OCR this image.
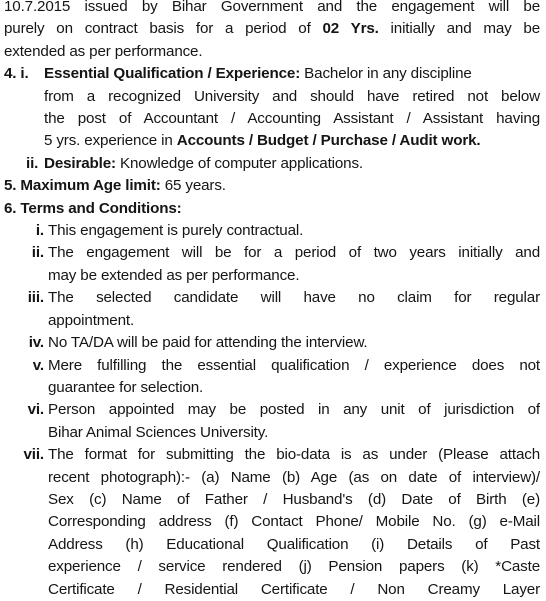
10.7.2015 issued by Bihar Government and the engagement will be
purely on contract basis for a period of 02 Yrs. initially and may be
extended as per performance.
4. i.	Essential Qualification / Experience: Bachelor in any discipline
from a recognized University and should have retired not below
the post of Accountant / Accounting Assistant / Assistant having
5 yrs. experience in Accounts / Budget / Purchase / Audit work.
ii. Desirable: Knowledge of computer applications.
5. Maximum Age limit: 65 years.
6. Terms and Conditions:
i. This engagement is purely contractual.
ii. The engagement will be for a period of two years initially and
may be extended as per performance.
iii. The selected candidate will have no claim for regular
appointment.
iv. No TA/DA will be paid for attending the interview.
v. Mere fulfilling the essential qualification / experience does not
guarantee for selection.
vi. Person appointed may be posted in any unit of jurisdiction of
Bihar Animal Sciences University.
vii. The format for submitting the bio-data is as under (Please attach
recent photograph):- (a) Name (b) Age (as on date of interview)/
Sex (c) Name of Father / Husband's (d) Date of Birth (e)
Corresponding address (f) Contact Phone/ Mobile No. (g) e-Mail
Address (h) Educational Qualification (i) Details of Past
experience / service rendered (j) Pension papers (k) *Caste
Certificate / Residential Certificate / Non Creamy Layer
